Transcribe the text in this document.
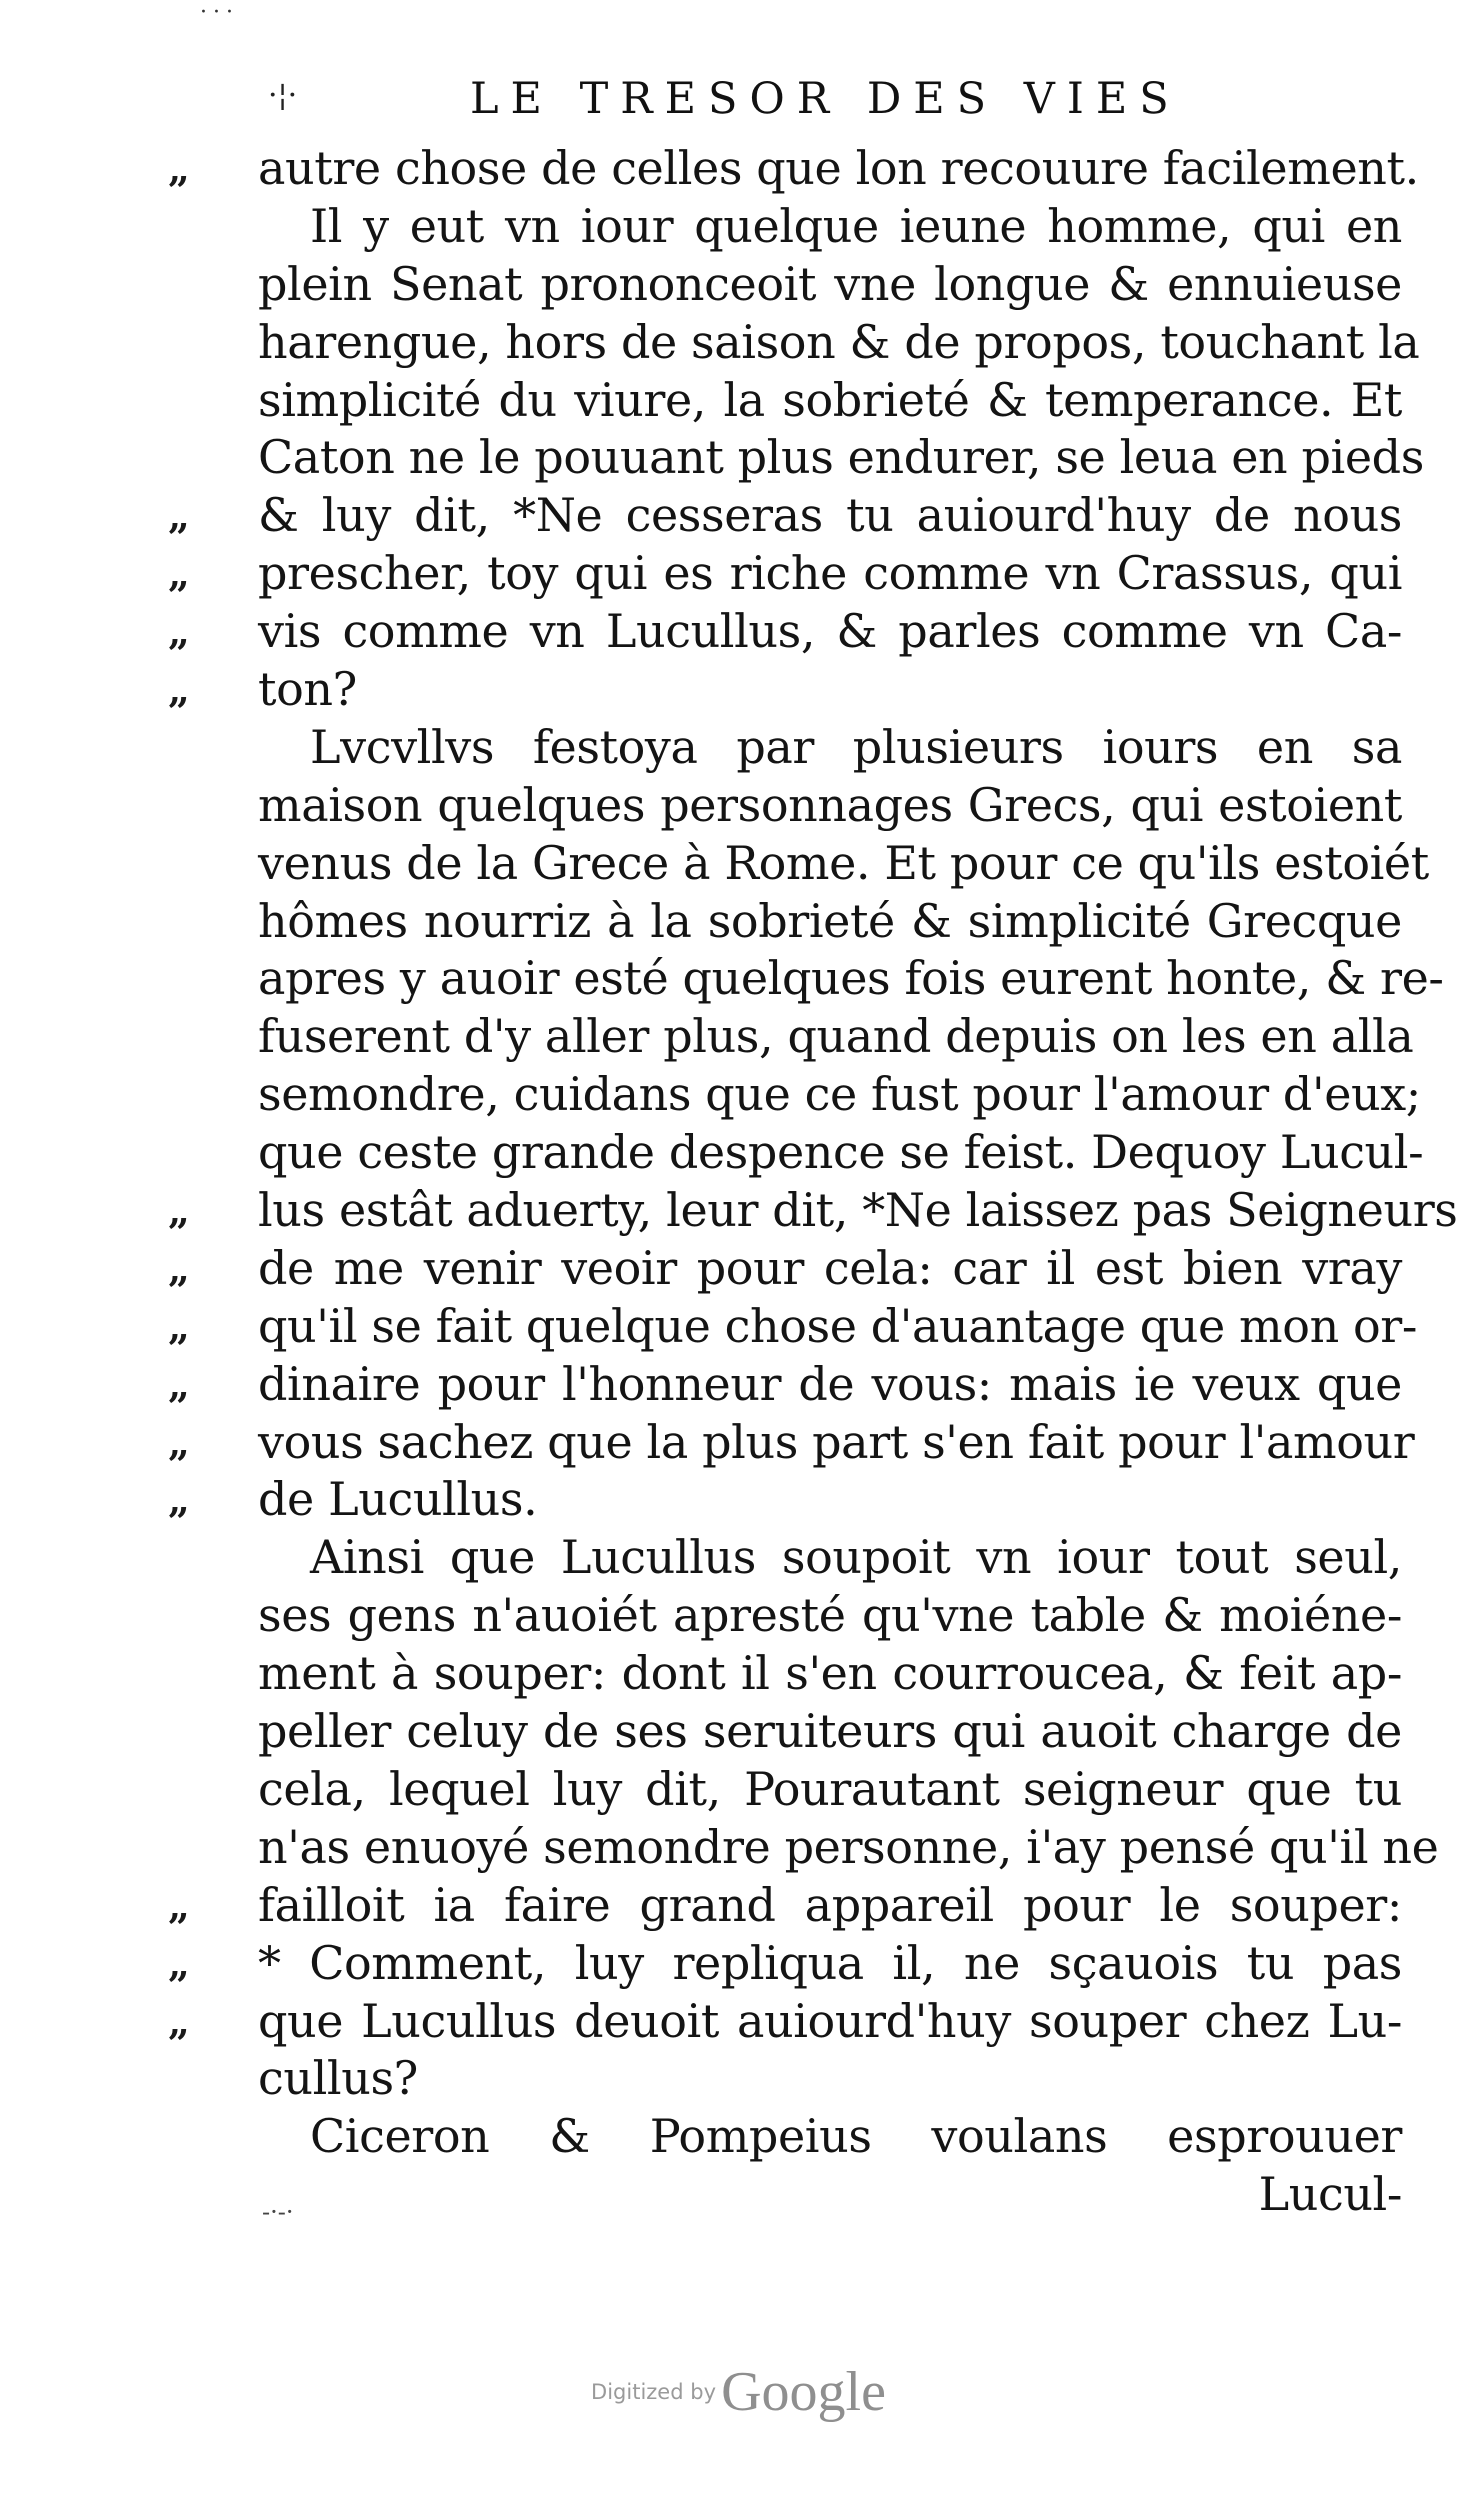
···
·¦·	LE TRESOR DES VIES
„	autre chose de celles que lon recouure facilement.
Il y eut vn iour quelque ieune homme, qui en
plein Senat prononceoit vne longue & ennuieuse
harengue, hors de saison & de propos, touchant la
simplicité du viure, la sobrieté & temperance. Et
Caton ne le pouuant plus endurer, se leua en pieds
„	& luy dit, *Ne cesseras tu auiourd'huy de nous
„	prescher, toy qui es riche comme vn Crassus, qui
„	vis comme vn Lucullus, & parles comme vn Ca-
„	ton?
Lvcvllvs festoya par plusieurs iours en sa
maison quelques personnages Grecs, qui estoient
venus de la Grece à Rome. Et pour ce qu'ils estoiét
hômes nourriz à la sobrieté & simplicité Grecque
apres y auoir esté quelques fois eurent honte, & re-
fuserent d'y aller plus, quand depuis on les en alla
semondre, cuidans que ce fust pour l'amour d'eux;
que ceste grande despence se feist. Dequoy Lucul-
„	lus estât aduerty, leur dit, *Ne laissez pas Seigneurs
„	de me venir veoir pour cela: car il est bien vray
„	qu'il se fait quelque chose d'auantage que mon or-
„	dinaire pour l'honneur de vous: mais ie veux que
„	vous sachez que la plus part s'en fait pour l'amour
„	de Lucullus.
Ainsi que Lucullus soupoit vn iour tout seul,
ses gens n'auoiét apresté qu'vne table & moiéne-
ment à souper: dont il s'en courroucea, & feit ap-
peller celuy de ses seruiteurs qui auoit charge de
cela, lequel luy dit, Pourautant seigneur que tu
n'as enuoyé semondre personne, i'ay pensé qu'il ne
„	failloit ia faire grand appareil pour le souper:
„	* Comment, luy repliqua il, ne sçauois tu pas
„	que Lucullus deuoit auiourd'huy souper chez Lu-
cullus?
Ciceron & Pompeius voulans esprouuer
Lucul-
-·-·
Digitized by Google
